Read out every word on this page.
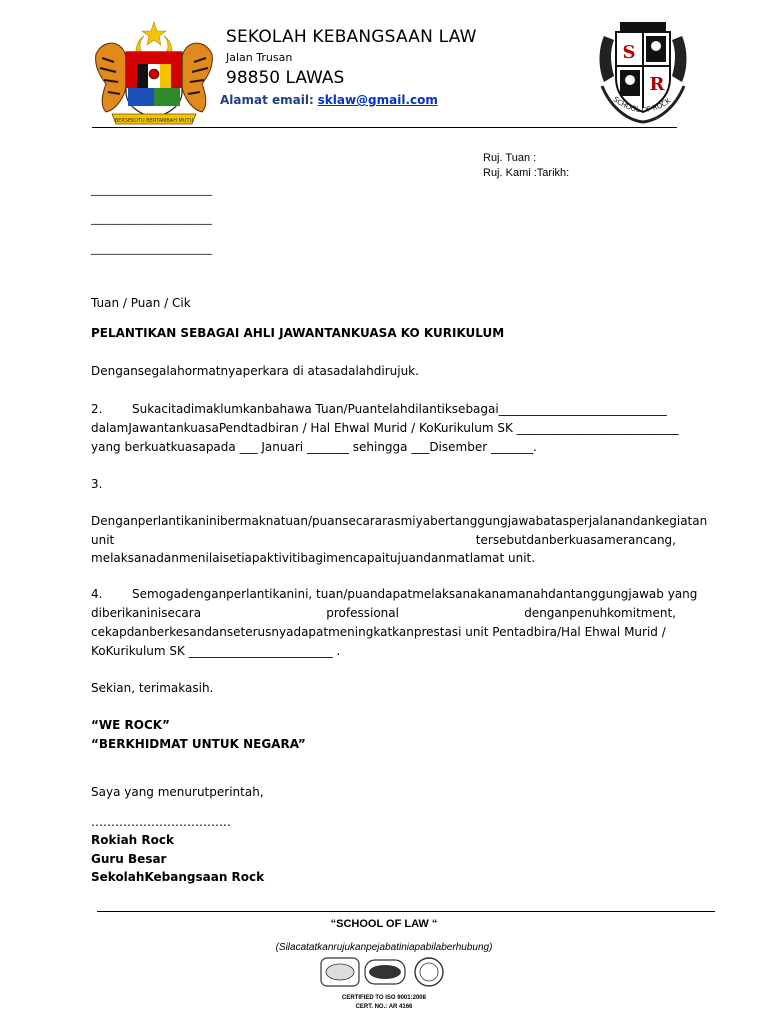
BERSEKUTU BERTAMBAH MUTU
SEKOLAH KEBANGSAAN LAW
Jalan Trusan
98850 LAWAS
Alamat email: sklaw@gmail.com
S
R
SCHOOL OF ROCK
Ruj. Tuan :
Ruj. Kami :Tarikh:
______________________
______________________
______________________
Tuan / Puan / Cik
PELANTIKAN SEBAGAI AHLI JAWANTANKUASA KO KURIKULUM
Dengansegalahormatnyaperkara di atasadalahdirujuk.
2. Sukacitadimaklumkanbahawa Tuan/Puantelahdilantiksebagai____________________________
dalamJawantankuasaPendtadbiran / Hal Ehwal Murid / KoKurikulum SK ___________________________
yang berkuatkuasapada ___ Januari _______ sehingga ___Disember _______.
3.
Denganperlantikaninibermaknatuan/puansecararasmiyabertanggungjawabatasperjalanandankegiatan
unit	tersebutdanberkuasamerancang,
melaksanadanmenilaisetiapaktivitibagimencapaitujuandanmatlamat unit.
4. Semogadenganperlantikanini, tuan/puandapatmelaksanakanamanahdantanggungjawab yang
diberikaninisecara	professional	denganpenuhkomitment,
cekapdanberkesandanseterusnyadapatmeningkatkanprestasi unit Pentadbira/Hal Ehwal Murid /
KoKurikulum SK ________________________ .
Sekian, terimakasih.
“WE ROCK”
“BERKHIDMAT UNTUK NEGARA”
Saya yang menurutperintah,
……………………………..
Rokiah Rock
Guru Besar
SekolahKebangsaan Rock
“SCHOOL OF LAW “
(Silacatatkanrujukanpejabatiniapabilaberhubung)
CERTIFIED TO ISO 9001:2008
CERT. NO.: AR 4166
